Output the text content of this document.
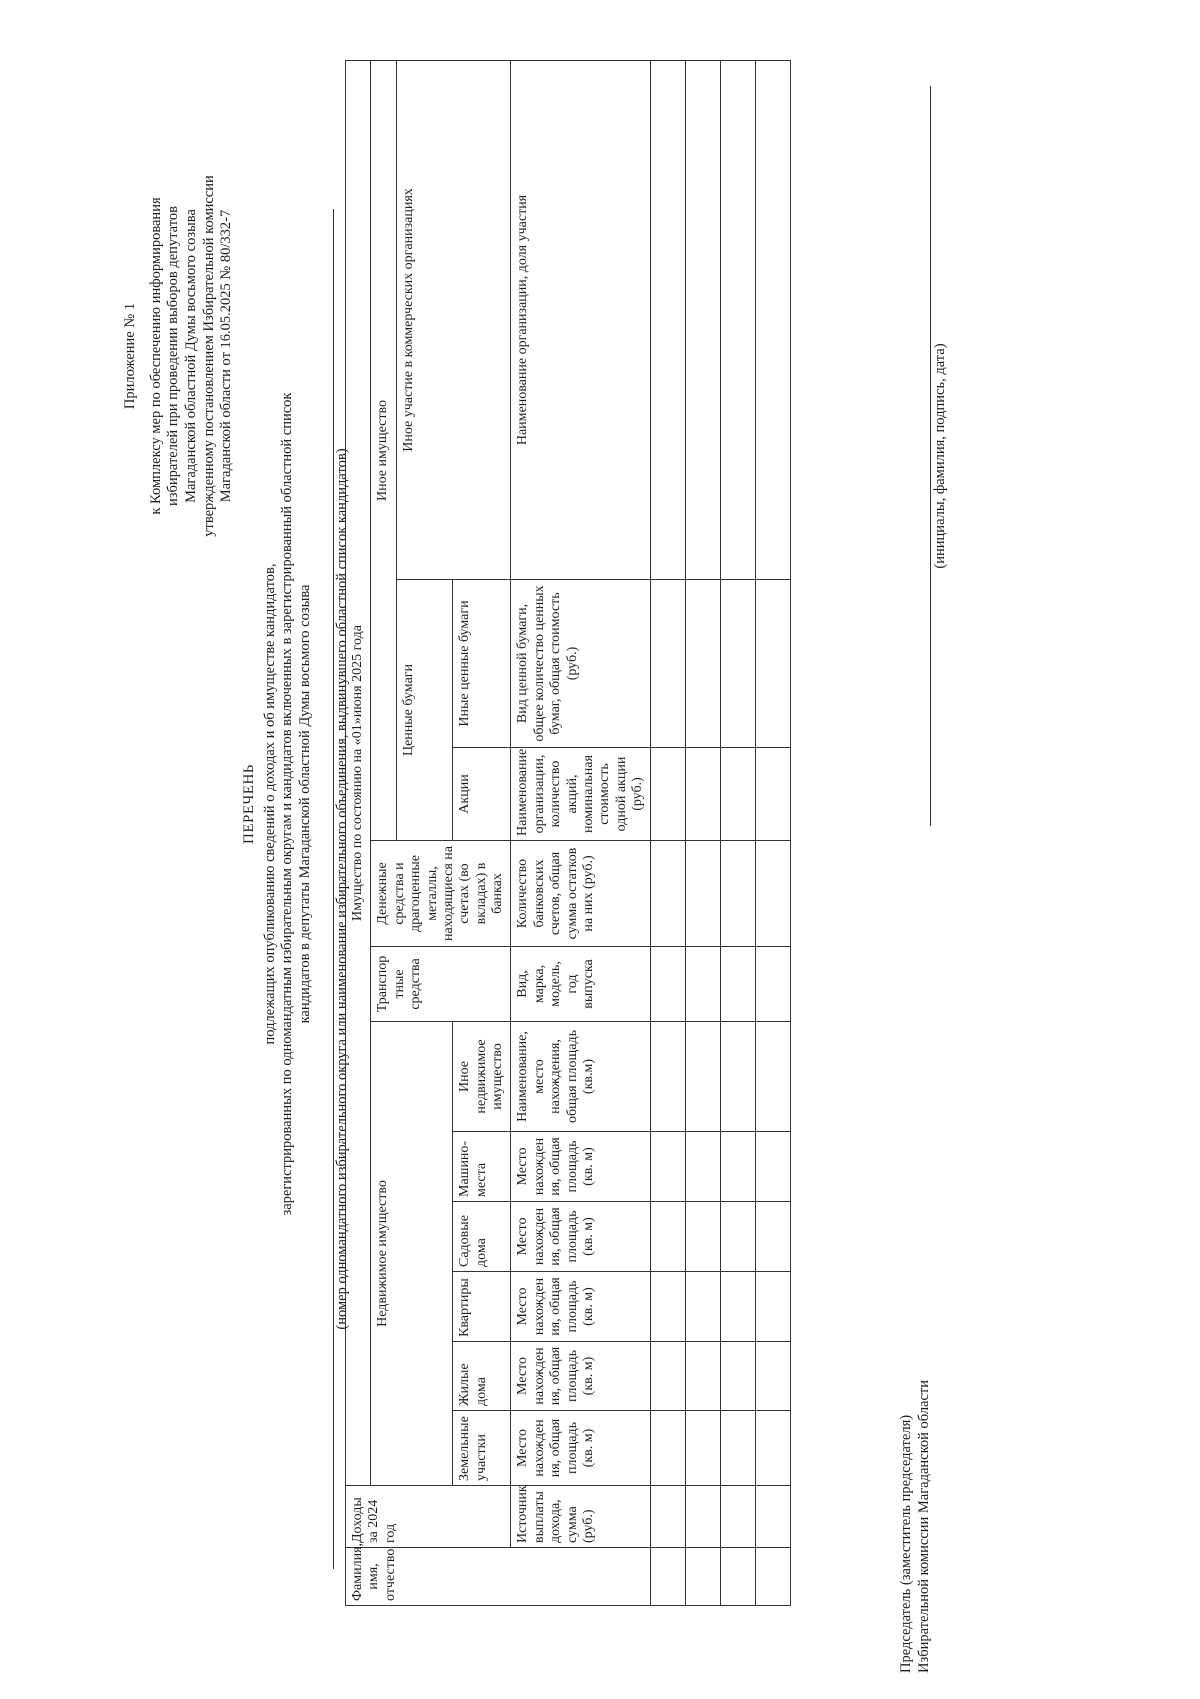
Приложение № 1 к Комплексу мер по обеспечению информирования избирателей при проведении выборов депутатов Магаданской областной Думы восьмого созыва утвержденному постановлением Избирательной комиссии Магаданской области от 16.05.2025 № 80/332-7
ПЕРЕЧЕНЬ подлежащих опубликованию сведений о доходах и об имуществе кандидатов, зарегистрированных по одномандатным избирательным округам и кандидатов включенных в зарегистрированный областной список кандидатов в депутаты Магаданской областной Думы восьмого созыва (номер одномандатного избирательного округа или наименование избирательного объединения, выдвинувшего областной список кандидатов)
Фамилия, имя, отчество	Доходы за 2024 год	Имущество по состоянию на «01»июня 2025 года										
		Недвижимое имущество						Транспор тные средства	Денежные средства и драгоценные металлы, находящиеся на счетах (во вкладах) в банках	Иное имущество		
										Ценные бумаги		Иное участие в коммерческих организациях
		Земельные участки	Жилые дома	Квартиры	Садовые дома	Машино-места	Иное недвижимое имущество			Акции	Иные ценные бумаги	
	Источник выплаты дохода, сумма (руб.)	Место нахожден ия, общая площадь (кв. м)	Место нахожден ия, общая площадь (кв. м)	Место нахожден ия, общая площадь (кв. м)	Место нахожден ия, общая площадь (кв. м)	Место нахожден ия, общая площадь (кв. м)	Наименование, место нахождения, общая площадь (кв.м)	Вид, марка, модель, год выпуска	Количество банковских счетов, общая сумма остатков на них (руб.)	Наименование организации, количество акций, номинальная стоимость одной акции (руб.)	Вид ценной бумаги, общее количество ценных бумаг, общая стоимость (руб.)	Наименование организации, доля участия

Председатель (заместитель председателя) Избирательной комиссии Магаданской области
(инициалы, фамилия, подпись, дата)
